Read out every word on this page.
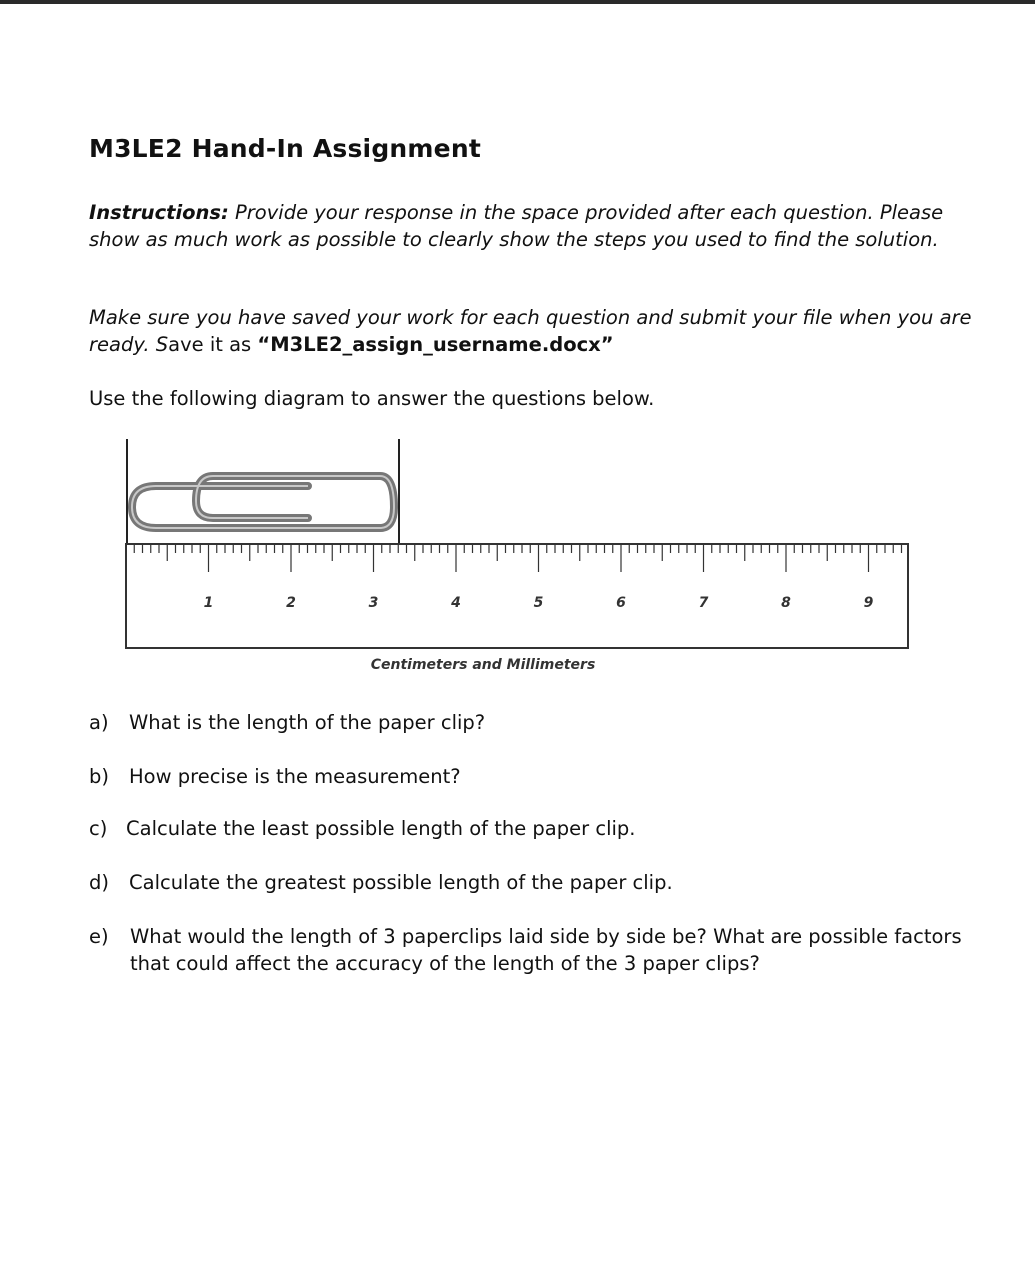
M3LE2 Hand-In Assignment
Instructions: Provide your response in the space provided after each question. Please show as much work as possible to clearly show the steps you used to find the solution.
Make sure you have saved your work for each question and submit your file when you are ready. Save it as “M3LE2_assign_username.docx”
Use the following diagram to answer the questions below.
1	2	3	4	5	6	7	8	9
Centimeters and Millimeters
a) What is the length of the paper clip?
b) How precise is the measurement?
c) Calculate the least possible length of the paper clip.
d) Calculate the greatest possible length of the paper clip.
e)	What would the length of 3 paperclips laid side by side be? What are possible factors that could affect the accuracy of the length of the 3 paper clips?
